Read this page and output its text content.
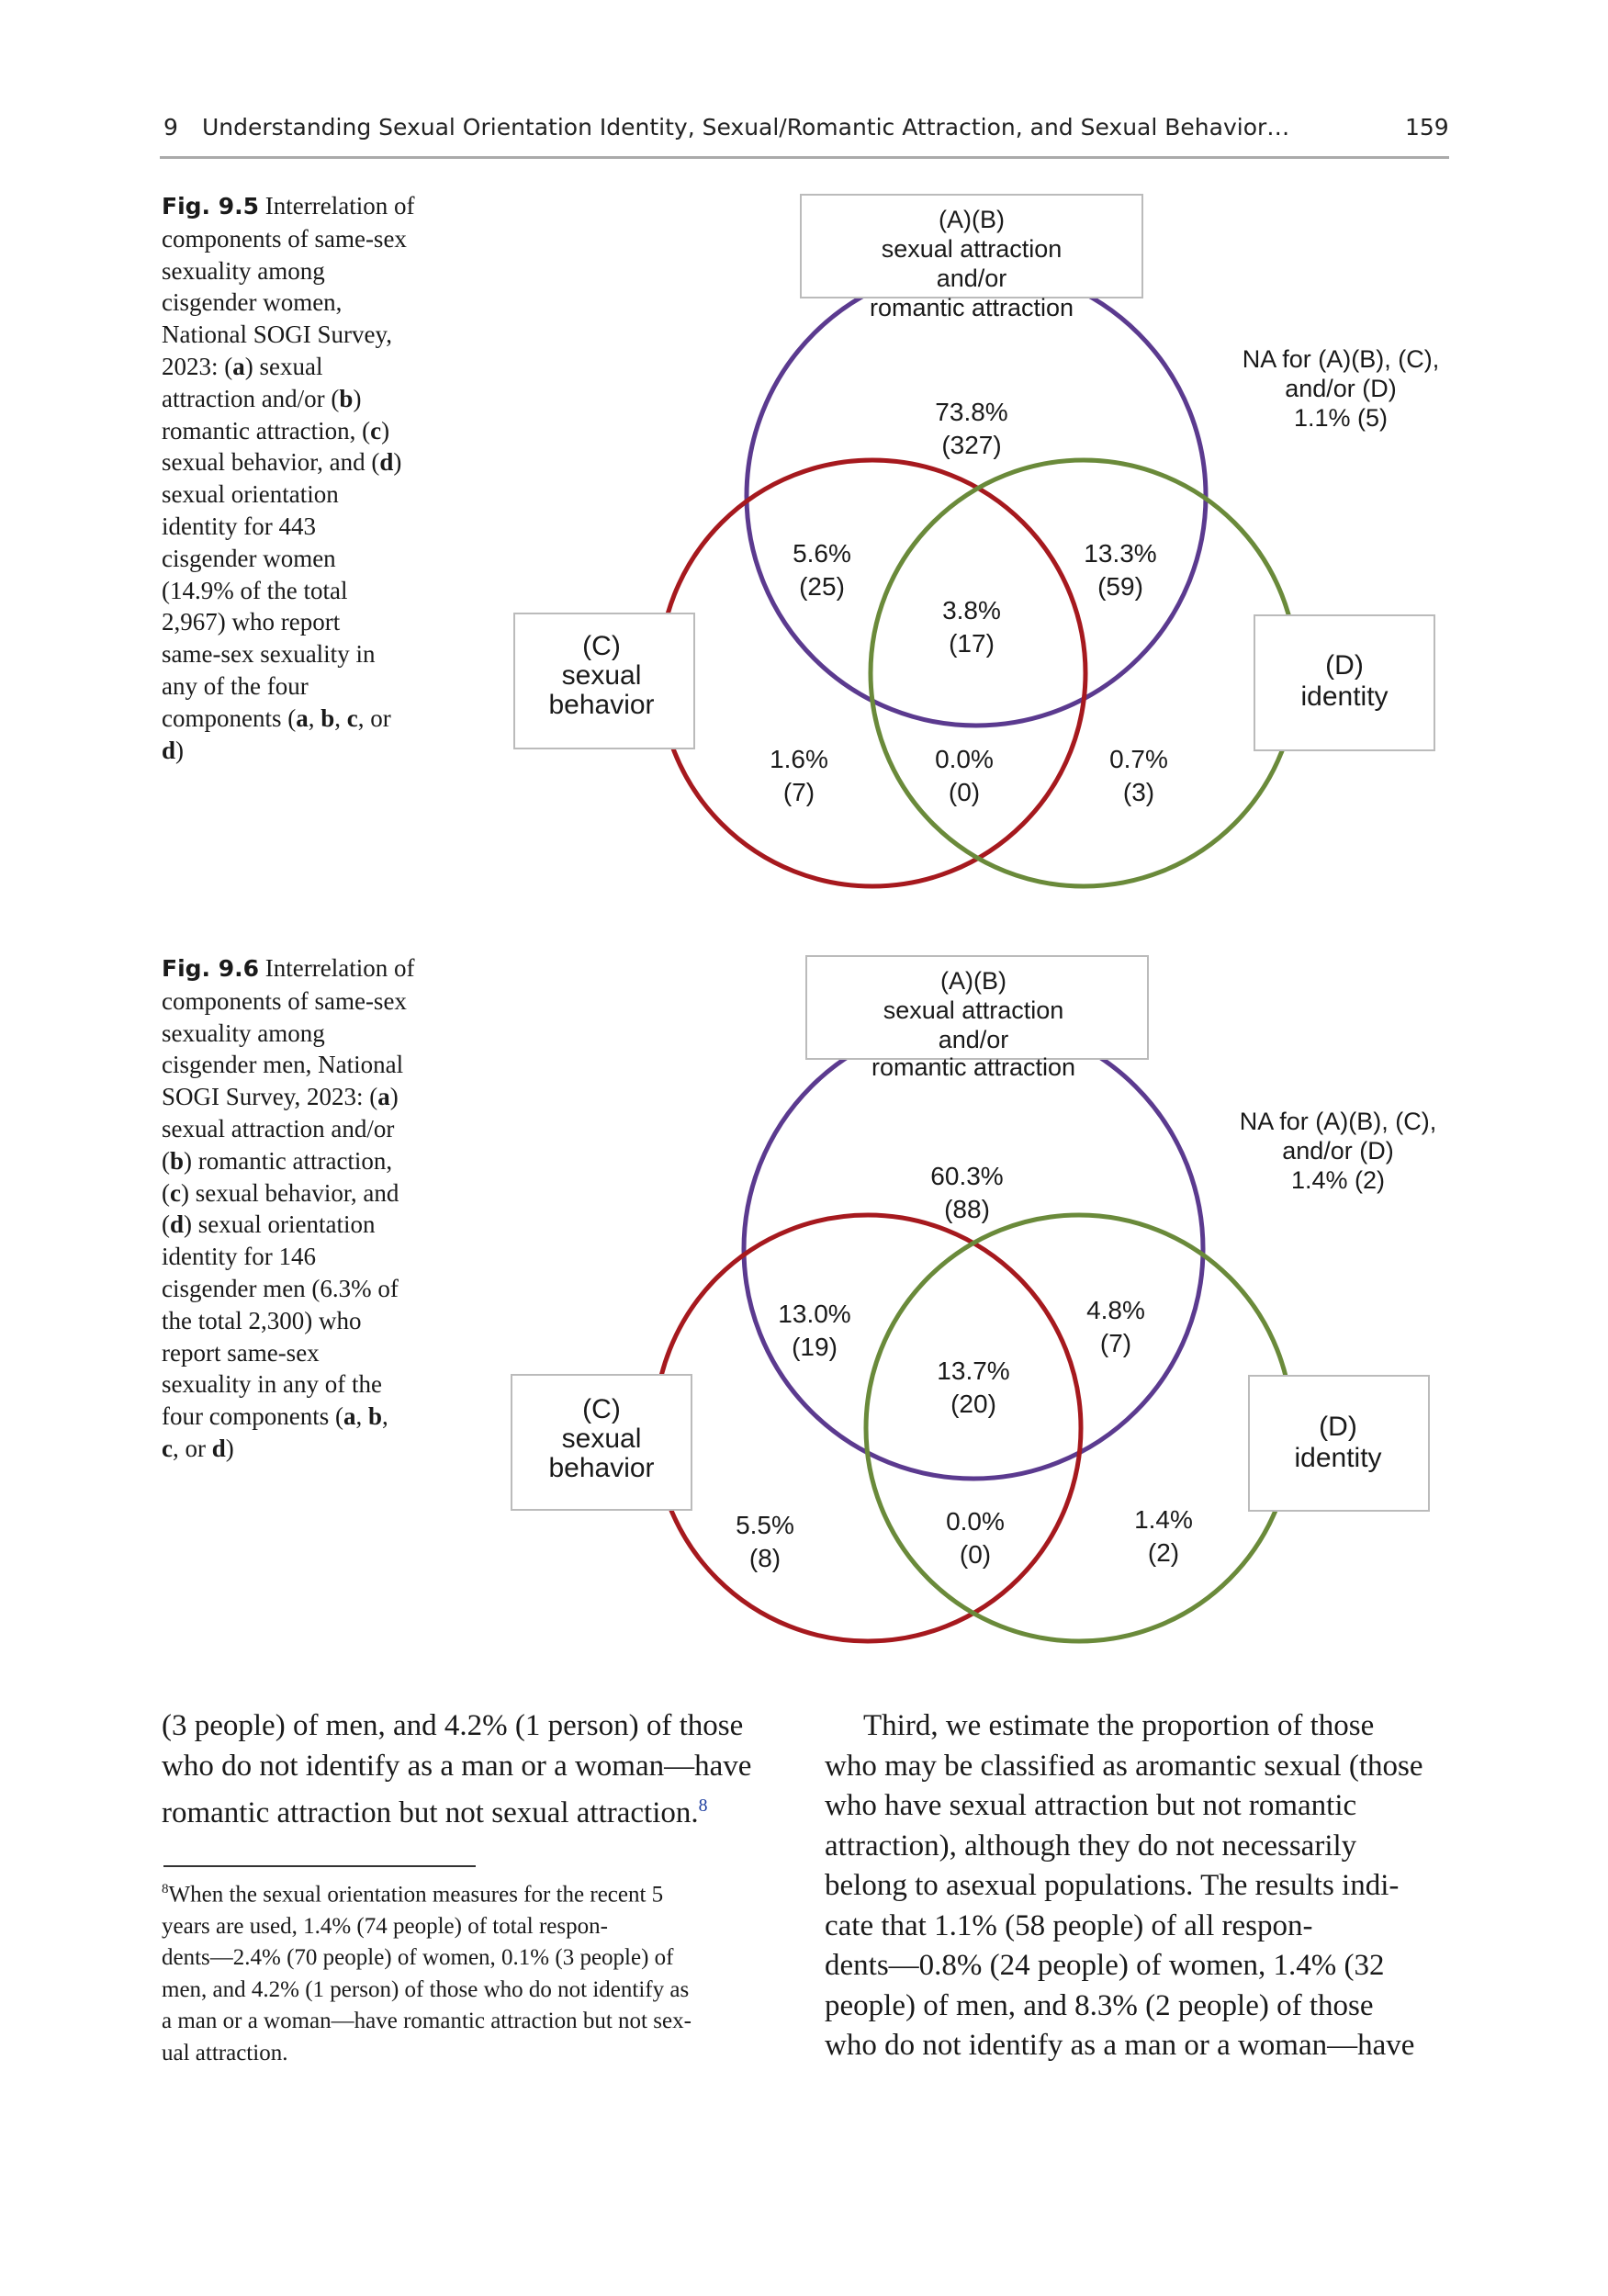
9 Understanding Sexual Orientation Identity, Sexual/Romantic Attraction, and Sexual Behavior…	159
Fig. 9.5 Interrelation of
components of same-sex
sexuality among
cisgender women,
National SOGI Survey,
2023: (a) sexual
attraction and/or (b)
romantic attraction, (c)
sexual behavior, and (d)
sexual orientation
identity for 443
cisgender women
(14.9% of the total
2,967) who report
same-sex sexuality in
any of the four
components (a, b, c, or
d)
(A)(B)
sexual attraction
and/or
romantic attraction
(C)
sexual
behavior
(D)
identity
NA for (A)(B), (C),
and/or (D)
1.1% (5)
73.8%
(327)
5.6%
(25)
13.3%
(59)
3.8%
(17)
1.6%
(7)
0.0%
(0)
0.7%
(3)
Fig. 9.6 Interrelation of
components of same-sex
sexuality among
cisgender men, National
SOGI Survey, 2023: (a)
sexual attraction and/or
(b) romantic attraction,
(c) sexual behavior, and
(d) sexual orientation
identity for 146
cisgender men (6.3% of
the total 2,300) who
report same-sex
sexuality in any of the
four components (a, b,
c, or d)
(A)(B)
sexual attraction
and/or
romantic attraction
(C)
sexual
behavior
(D)
identity
NA for (A)(B), (C),
and/or (D)
1.4% (2)
60.3%
(88)
13.0%
(19)
4.8%
(7)
13.7%
(20)
5.5%
(8)
0.0%
(0)
1.4%
(2)
(3 people) of men, and 4.2% (1 person) of those
who do not identify as a man or a woman—have
romantic attraction but not sexual attraction.$^8$
$^8$When the sexual orientation measures for the recent 5
years are used, 1.4% (74 people) of total respon-
dents—2.4% (70 people) of women, 0.1% (3 people) of
men, and 4.2% (1 person) of those who do not identify as
a man or a woman—have romantic attraction but not sex-
ual attraction.
Third, we estimate the proportion of those
who may be classified as aromantic sexual (those
who have sexual attraction but not romantic
attraction), although they do not necessarily
belong to asexual populations. The results indi-
cate that 1.1% (58 people) of all respon-
dents—0.8% (24 people) of women, 1.4% (32
people) of men, and 8.3% (2 people) of those
who do not identify as a man or a woman—have
